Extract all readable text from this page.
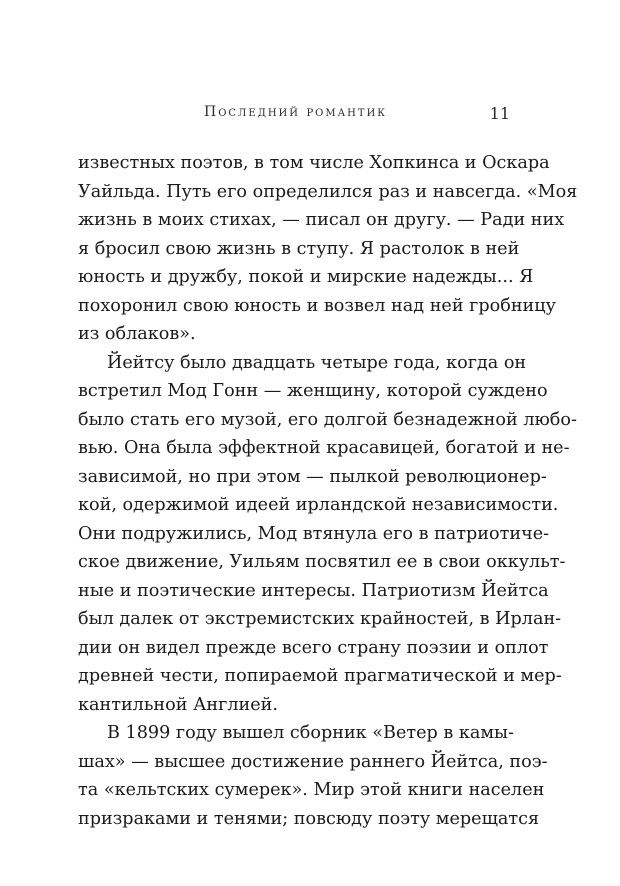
Последний романтик	11
известных поэтов, в том числе Хопкинса и Оскара
Уайльда. Путь его определился раз и навсегда. «Моя
жизнь в моих стихах, — писал он другу. — Ради них
я бросил свою жизнь в ступу. Я растолок в ней
юность и дружбу, покой и мирские надежды... Я
похоронил свою юность и возвел над ней гробницу
из облаков».
Йейтсу было двадцать четыре года, когда он
встретил Мод Гонн — женщину, которой суждено
было стать его музой, его долгой безнадежной любо-
вью. Она была эффектной красавицей, богатой и не-
зависимой, но при этом — пылкой революционер-
кой, одержимой идеей ирландской независимости.
Они подружились, Мод втянула его в патриотиче-
ское движение, Уильям посвятил ее в свои оккульт-
ные и поэтические интересы. Патриотизм Йейтса
был далек от экстремистских крайностей, в Ирлан-
дии он видел прежде всего страну поэзии и оплот
древней чести, попираемой прагматической и мер-
кантильной Англией.
В 1899 году вышел сборник «Ветер в камы-
шах» — высшее достижение раннего Йейтса, поэ-
та «кельтских сумерек». Мир этой книги населен
призраками и тенями; повсюду поэту мерещатся
